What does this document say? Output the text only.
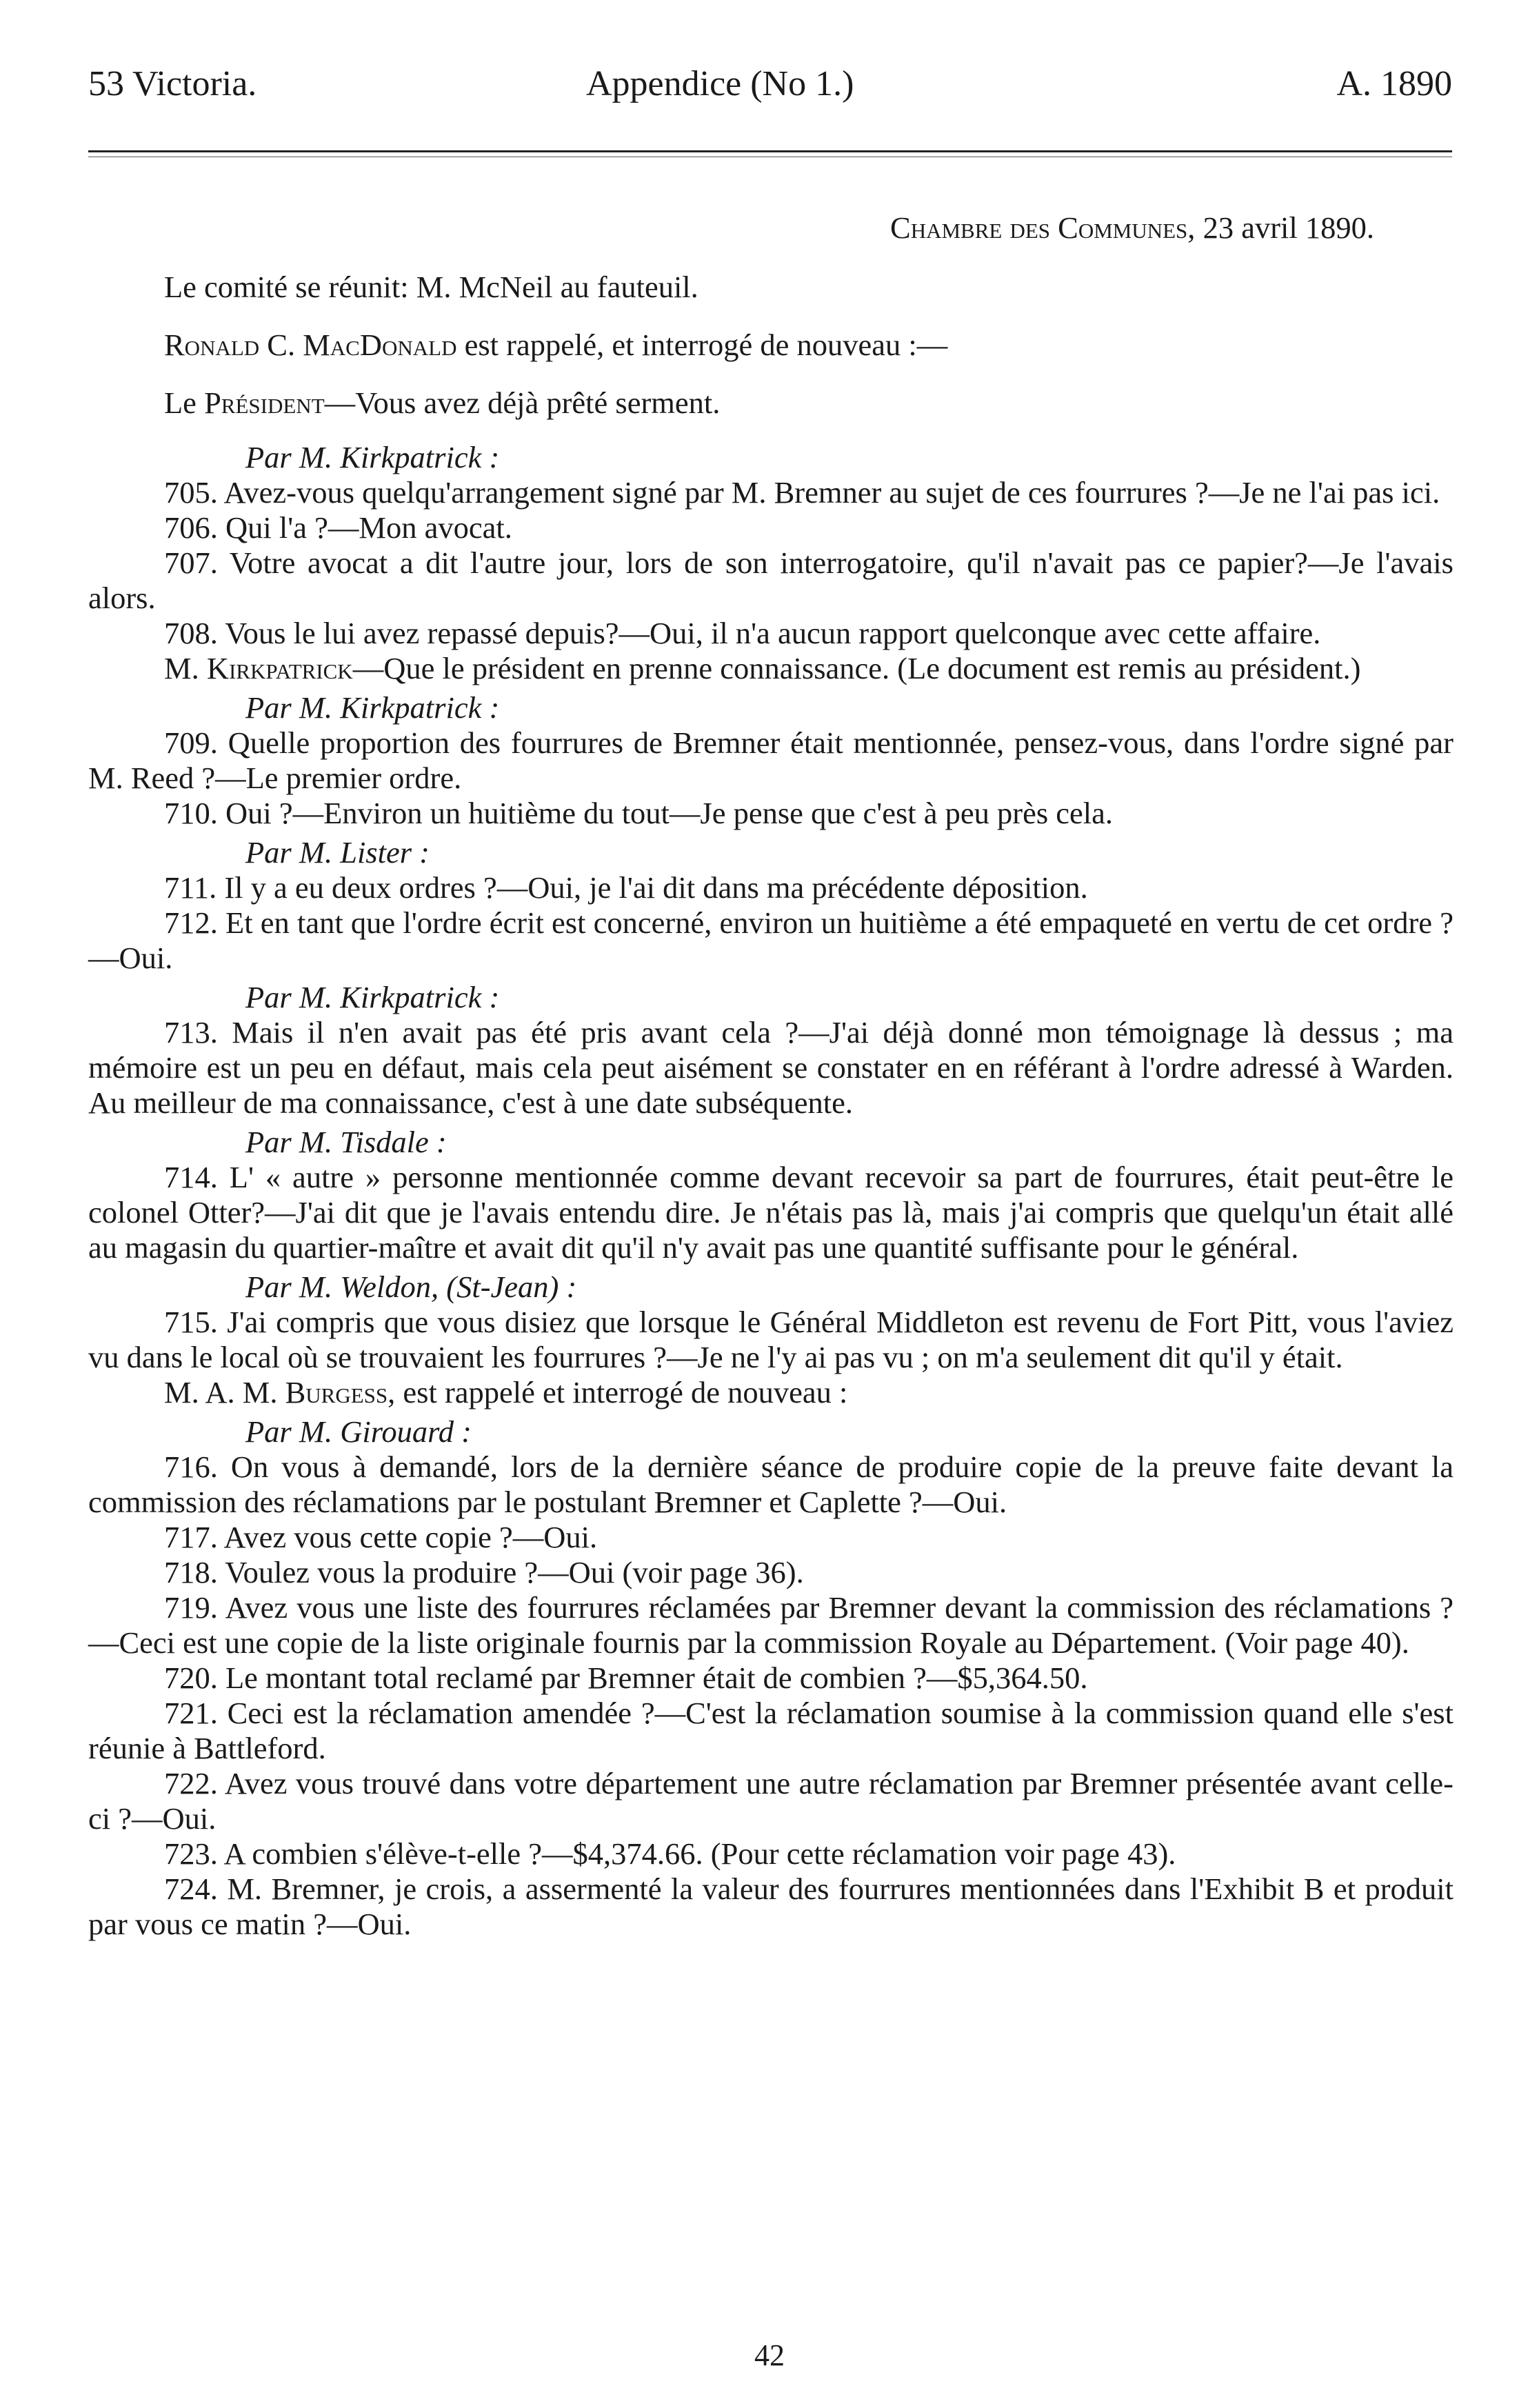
53 Victoria.	Appendice (No 1.)	A. 1890

Chambre des Communes, 23 avril 1890.

Le comité se réunit: M. McNeil au fauteuil.

Ronald C. MacDonald est rappelé, et interrogé de nouveau :—

Le Président—Vous avez déjà prêté serment.

Par M. Kirkpatrick :

705. Avez-vous quelqu'arrangement signé par M. Bremner au sujet de ces fourrures ?—Je ne l'ai pas ici.

706. Qui l'a ?—Mon avocat.

707. Votre avocat a dit l'autre jour, lors de son interrogatoire, qu'il n'avait pas ce papier?—Je l'avais alors.

708. Vous le lui avez repassé depuis?—Oui, il n'a aucun rapport quelconque avec cette affaire.

M. Kirkpatrick—Que le président en prenne connaissance. (Le document est remis au président.)

Par M. Kirkpatrick :

709. Quelle proportion des fourrures de Bremner était mentionnée, pensez-vous, dans l'ordre signé par M. Reed ?—Le premier ordre.

710. Oui ?—Environ un huitième du tout—Je pense que c'est à peu près cela.

Par M. Lister :

711. Il y a eu deux ordres ?—Oui, je l'ai dit dans ma précédente déposition.

712. Et en tant que l'ordre écrit est concerné, environ un huitième a été empaqueté en vertu de cet ordre ?—Oui.

Par M. Kirkpatrick :

713. Mais il n'en avait pas été pris avant cela ?—J'ai déjà donné mon témoignage là dessus ; ma mémoire est un peu en défaut, mais cela peut aisément se constater en en référant à l'ordre adressé à Warden. Au meilleur de ma connaissance, c'est à une date subséquente.

Par M. Tisdale :

714. L' « autre » personne mentionnée comme devant recevoir sa part de fourrures, était peut-être le colonel Otter?—J'ai dit que je l'avais entendu dire. Je n'étais pas là, mais j'ai compris que quelqu'un était allé au magasin du quartier-maître et avait dit qu'il n'y avait pas une quantité suffisante pour le général.

Par M. Weldon, (St-Jean) :

715. J'ai compris que vous disiez que lorsque le Général Middleton est revenu de Fort Pitt, vous l'aviez vu dans le local où se trouvaient les fourrures ?—Je ne l'y ai pas vu ; on m'a seulement dit qu'il y était.

M. A. M. Burgess, est rappelé et interrogé de nouveau :

Par M. Girouard :

716. On vous à demandé, lors de la dernière séance de produire copie de la preuve faite devant la commission des réclamations par le postulant Bremner et Caplette ?—Oui.

717. Avez vous cette copie ?—Oui.

718. Voulez vous la produire ?—Oui (voir page 36).

719. Avez vous une liste des fourrures réclamées par Bremner devant la commission des réclamations ?—Ceci est une copie de la liste originale fournis par la commission Royale au Département. (Voir page 40).

720. Le montant total reclamé par Bremner était de combien ?—$5,364.50.

721. Ceci est la réclamation amendée ?—C'est la réclamation soumise à la commission quand elle s'est réunie à Battleford.

722. Avez vous trouvé dans votre département une autre réclamation par Bremner présentée avant celle-ci ?—Oui.

723. A combien s'élève-t-elle ?—$4,374.66. (Pour cette réclamation voir page 43).

724. M. Bremner, je crois, a assermenté la valeur des fourrures mentionnées dans l'Exhibit B et produit par vous ce matin ?—Oui.

42
